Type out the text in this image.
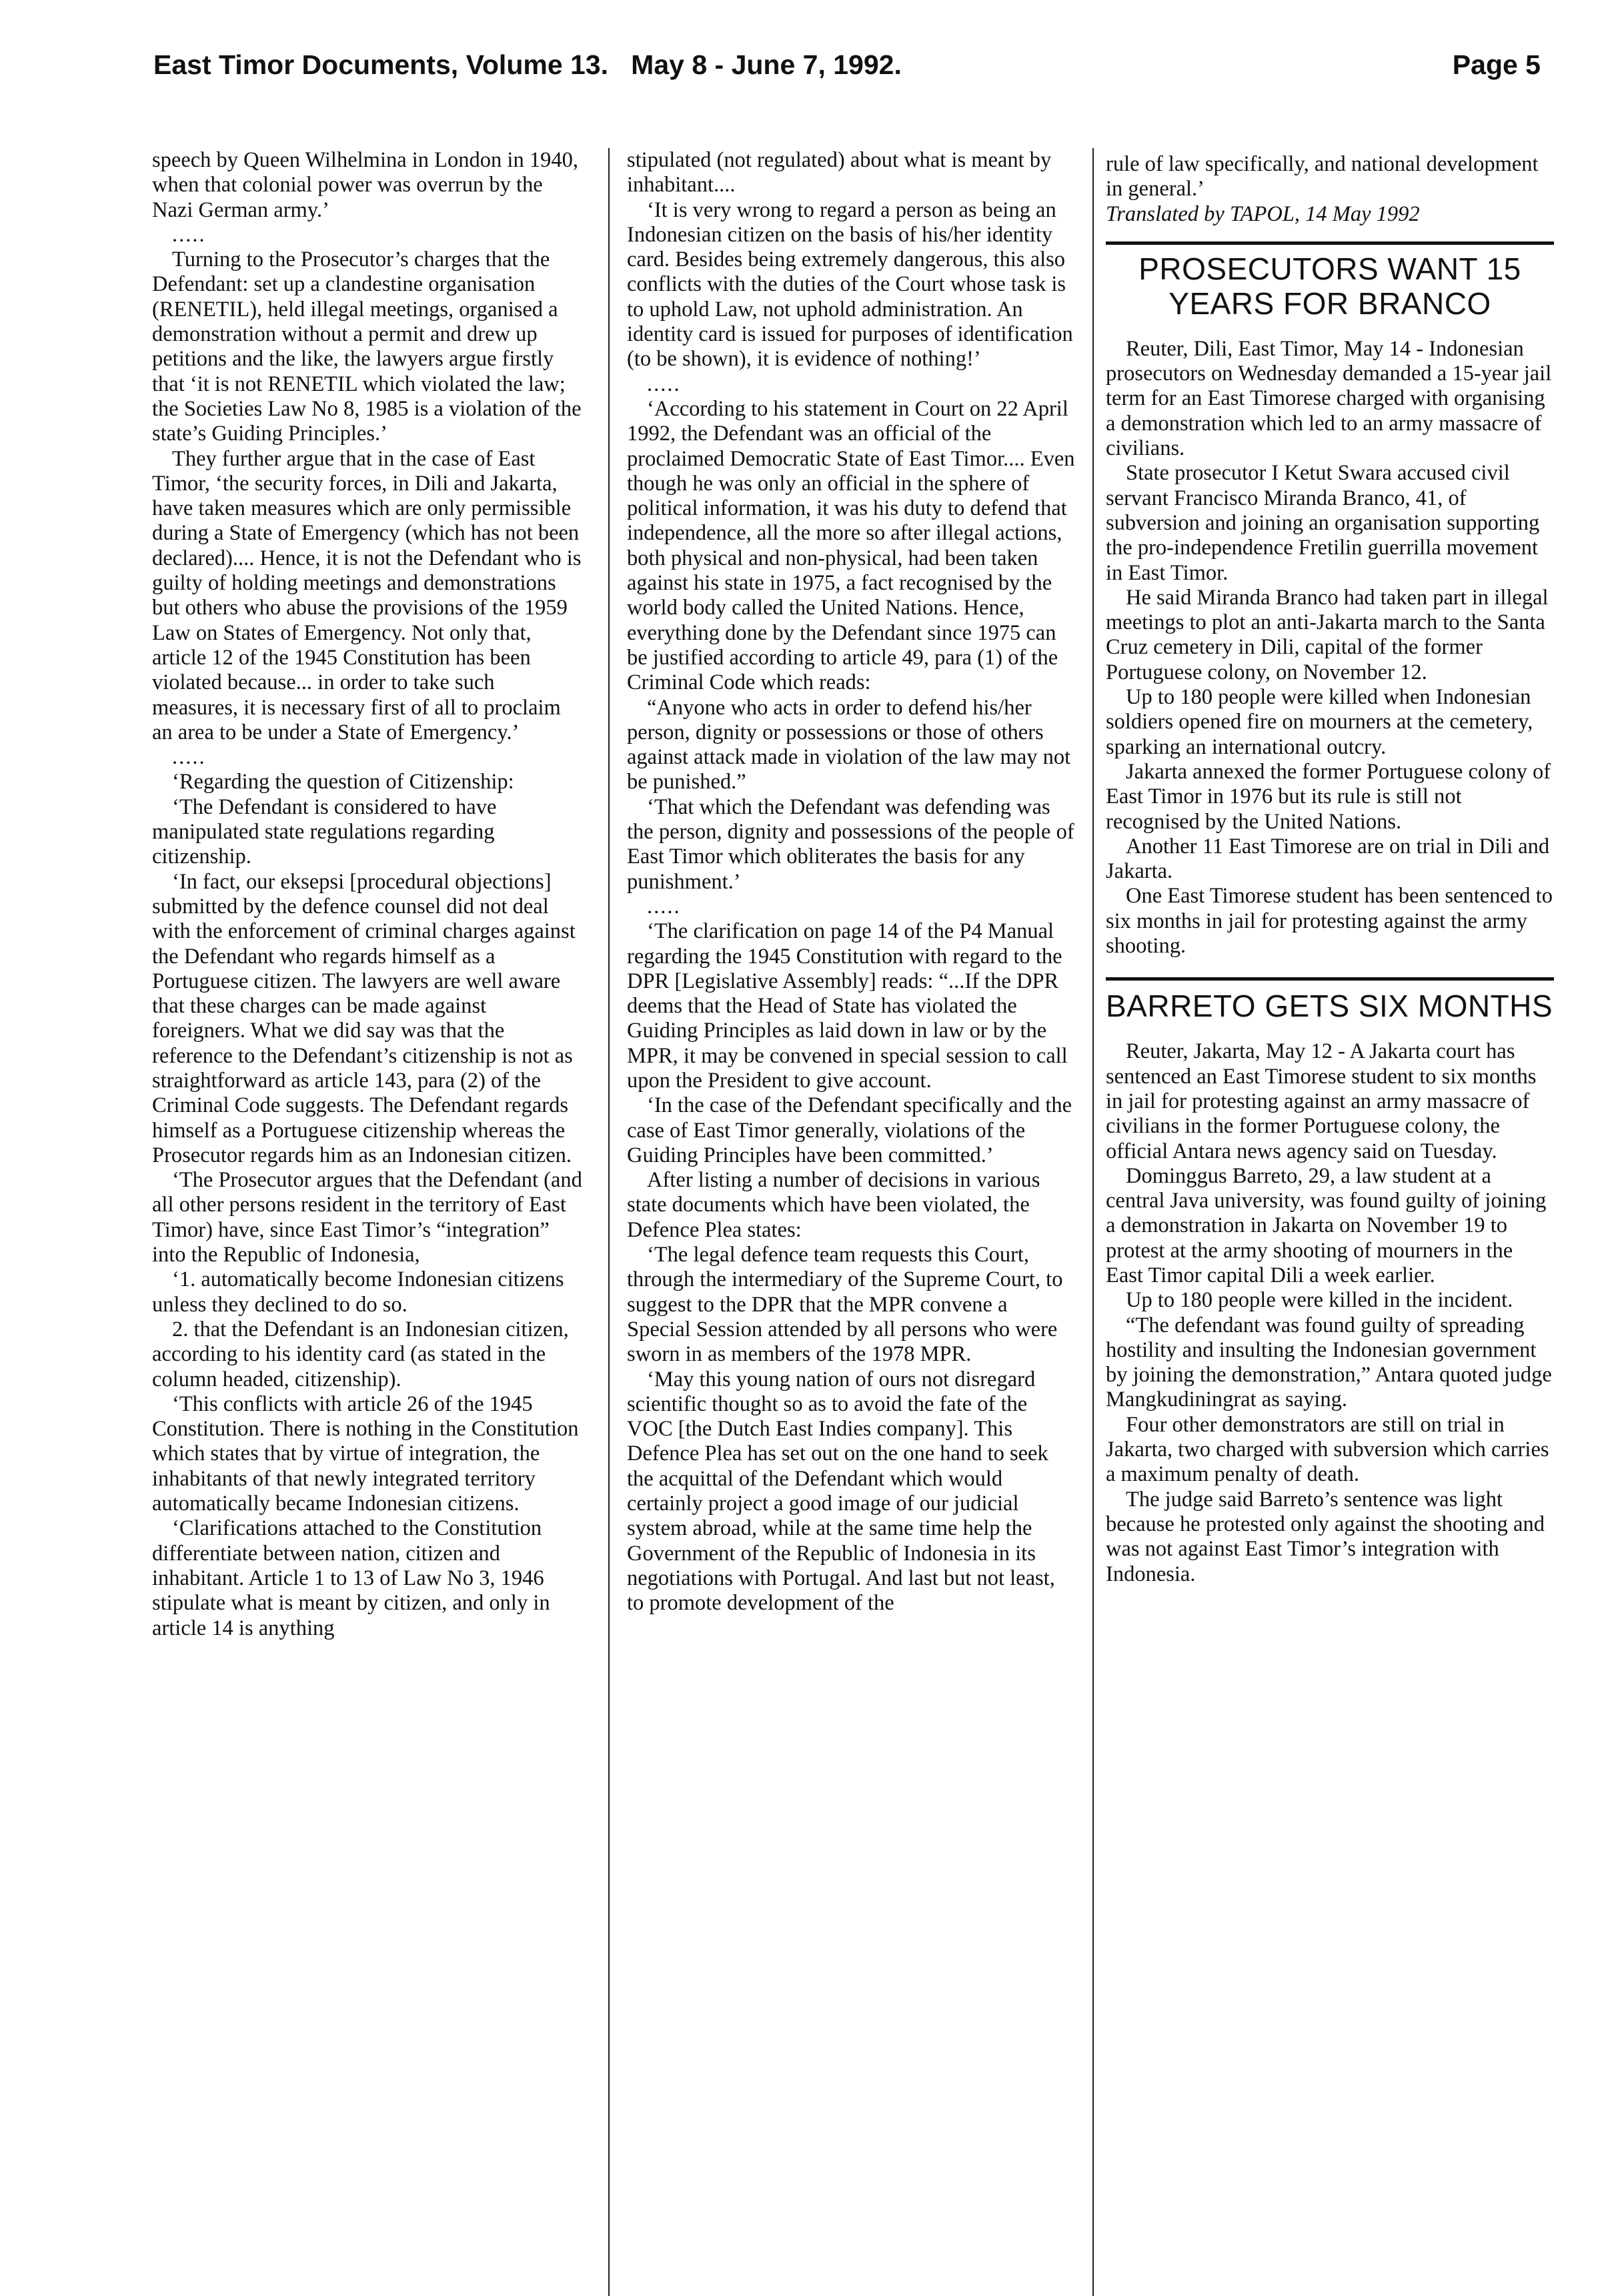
East Timor Documents, Volume 13.   May 8 - June 7, 1992.	Page 5

speech by Queen Wilhelmina in London in 1940, when that colonial power was overrun by the Nazi German army.’

.....

Turning to the Prosecutor’s charges that the Defendant: set up a clandestine organisation (RENETIL), held illegal meetings, organised a demonstration without a permit and drew up petitions and the like, the lawyers argue firstly that ‘it is not RENETIL which violated the law; the Societies Law No 8, 1985 is a violation of the state’s Guiding Principles.’

They further argue that in the case of East Timor, ‘the security forces, in Dili and Jakarta, have taken measures which are only permissible during a State of Emergency (which has not been declared).... Hence, it is not the Defendant who is guilty of holding meetings and demonstrations but others who abuse the provisions of the 1959 Law on States of Emergency. Not only that, article 12 of the 1945 Constitution has been violated because... in order to take such measures, it is necessary first of all to proclaim an area to be under a State of Emergency.’

.....

‘Regarding the question of Citizenship:

‘The Defendant is considered to have manipulated state regulations regarding citizenship.

‘In fact, our eksepsi [procedural objections] submitted by the defence counsel did not deal with the enforcement of criminal charges against the Defendant who regards himself as a Portuguese citizen. The lawyers are well aware that these charges can be made against foreigners. What we did say was that the reference to the Defendant’s citizenship is not as straightforward as article 143, para (2) of the Criminal Code suggests. The Defendant regards himself as a Portuguese citizenship whereas the Prosecutor regards him as an Indonesian citizen.

‘The Prosecutor argues that the Defendant (and all other persons resident in the territory of East Timor) have, since East Timor’s “integration” into the Republic of Indonesia,

‘1. automatically become Indonesian citizens unless they declined to do so.

2. that the Defendant is an Indonesian citizen, according to his identity card (as stated in the column headed, citizenship).

‘This conflicts with article 26 of the 1945 Constitution. There is nothing in the Constitution which states that by virtue of integration, the inhabitants of that newly integrated territory automatically became Indonesian citizens.

‘Clarifications attached to the Constitution differentiate between nation, citizen and inhabitant. Article 1 to 13 of Law No 3, 1946 stipulate what is meant by citizen, and only in article 14 is anything

stipulated (not regulated) about what is meant by inhabitant....

‘It is very wrong to regard a person as being an Indonesian citizen on the basis of his/her identity card. Besides being extremely dangerous, this also conflicts with the duties of the Court whose task is to uphold Law, not uphold administration. An identity card is issued for purposes of identification (to be shown), it is evidence of nothing!’

.....

‘According to his statement in Court on 22 April 1992, the Defendant was an official of the proclaimed Democratic State of East Timor.... Even though he was only an official in the sphere of political information, it was his duty to defend that independence, all the more so after illegal actions, both physical and non-physical, had been taken against his state in 1975, a fact recognised by the world body called the United Nations. Hence, everything done by the Defendant since 1975 can be justified according to article 49, para (1) of the Criminal Code which reads:

“Anyone who acts in order to defend his/her person, dignity or possessions or those of others against attack made in violation of the law may not be punished.”

‘That which the Defendant was defending was the person, dignity and possessions of the people of East Timor which obliterates the basis for any punishment.’

.....

‘The clarification on page 14 of the P4 Manual regarding the 1945 Constitution with regard to the DPR [Legislative Assembly] reads: “...If the DPR deems that the Head of State has violated the Guiding Principles as laid down in law or by the MPR, it may be convened in special session to call upon the President to give account.

‘In the case of the Defendant specifically and the case of East Timor generally, violations of the Guiding Principles have been committed.’

After listing a number of decisions in various state documents which have been violated, the Defence Plea states:

‘The legal defence team requests this Court, through the intermediary of the Supreme Court, to suggest to the DPR that the MPR convene a Special Session attended by all persons who were sworn in as members of the 1978 MPR.

‘May this young nation of ours not disregard scientific thought so as to avoid the fate of the VOC [the Dutch East Indies company]. This Defence Plea has set out on the one hand to seek the acquittal of the Defendant which would certainly project a good image of our judicial system abroad, while at the same time help the Government of the Republic of Indonesia in its negotiations with Portugal. And last but not least, to promote development of the

rule of law specifically, and national development in general.’

Translated by TAPOL, 14 May 1992

PROSECUTORS WANT 15 YEARS FOR BRANCO

Reuter, Dili, East Timor, May 14 - Indonesian prosecutors on Wednesday demanded a 15-year jail term for an East Timorese charged with organising a demonstration which led to an army massacre of civilians.

State prosecutor I Ketut Swara accused civil servant Francisco Miranda Branco, 41, of subversion and joining an organisation supporting the pro-independence Fretilin guerrilla movement in East Timor.

He said Miranda Branco had taken part in illegal meetings to plot an anti-Jakarta march to the Santa Cruz cemetery in Dili, capital of the former Portuguese colony, on November 12.

Up to 180 people were killed when Indonesian soldiers opened fire on mourners at the cemetery, sparking an international outcry.

Jakarta annexed the former Portuguese colony of East Timor in 1976 but its rule is still not recognised by the United Nations.

Another 11 East Timorese are on trial in Dili and Jakarta.

One East Timorese student has been sentenced to six months in jail for protesting against the army shooting.

BARRETO GETS SIX MONTHS

Reuter, Jakarta, May 12 - A Jakarta court has sentenced an East Timorese student to six months in jail for protesting against an army massacre of civilians in the former Portuguese colony, the official Antara news agency said on Tuesday.

Dominggus Barreto, 29, a law student at a central Java university, was found guilty of joining a demonstration in Jakarta on November 19 to protest at the army shooting of mourners in the East Timor capital Dili a week earlier.

Up to 180 people were killed in the incident.

“The defendant was found guilty of spreading hostility and insulting the Indonesian government by joining the demonstration,” Antara quoted judge Mangkudiningrat as saying.

Four other demonstrators are still on trial in Jakarta, two charged with subversion which carries a maximum penalty of death.

The judge said Barreto’s sentence was light because he protested only against the shooting and was not against East Timor’s integration with Indonesia.
